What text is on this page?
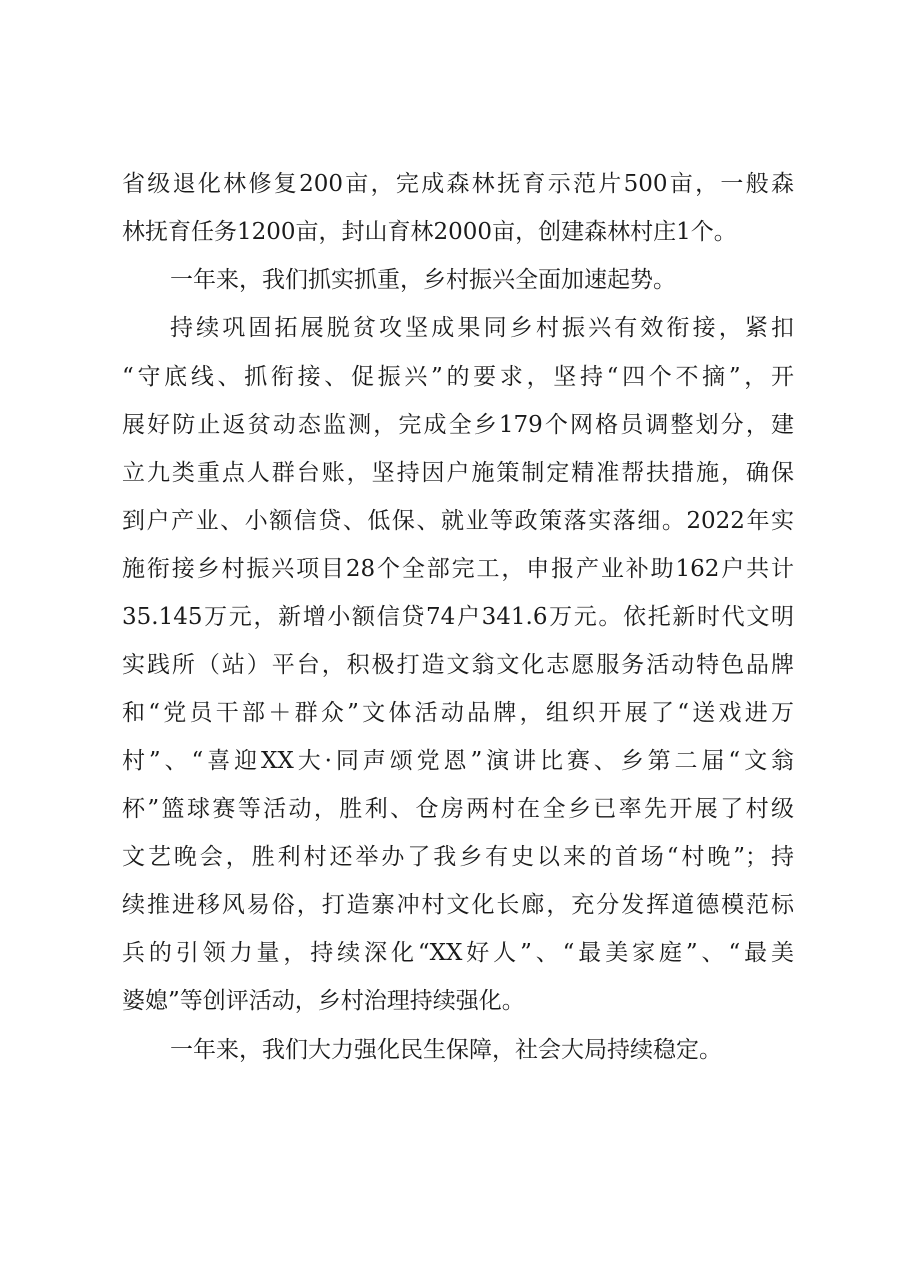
省级退化林修复200亩，完成森林抚育示范片500亩，一般森
林抚育任务1200亩，封山育林2000亩，创建森林村庄1个。
一年来，我们抓实抓重，乡村振兴全面加速起势。
持续巩固拓展脱贫攻坚成果同乡村振兴有效衔接，紧扣
“守底线、抓衔接、促振兴”的要求，坚持“四个不摘”，开
展好防止返贫动态监测，完成全乡179个网格员调整划分，建
立九类重点人群台账，坚持因户施策制定精准帮扶措施，确保
到户产业、小额信贷、低保、就业等政策落实落细。2022年实
施衔接乡村振兴项目28个全部完工，申报产业补助162户共计
35.145万元，新增小额信贷74户341.6万元。依托新时代文明
实践所（站）平台，积极打造文翁文化志愿服务活动特色品牌
和“党员干部＋群众”文体活动品牌，组织开展了“送戏进万
村”、“喜迎XX大·同声颂党恩”演讲比赛、乡第二届“文翁
杯”篮球赛等活动，胜利、仓房两村在全乡已率先开展了村级
文艺晚会，胜利村还举办了我乡有史以来的首场“村晚”；持
续推进移风易俗，打造寨冲村文化长廊，充分发挥道德模范标
兵的引领力量，持续深化“XX好人”、“最美家庭”、“最美
婆媳”等创评活动，乡村治理持续强化。
一年来，我们大力强化民生保障，社会大局持续稳定。
